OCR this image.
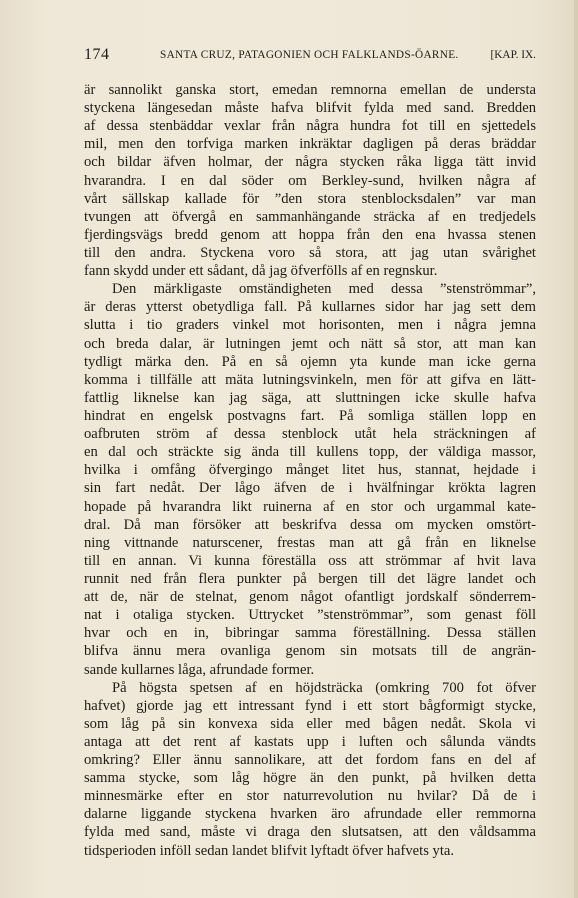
174	SANTA CRUZ, PATAGONIEN OCH FALKLANDS-ÖARNE.	[KAP. IX.
är sannolikt ganska stort, emedan remnorna emellan de understa
styckena längesedan måste hafva blifvit fylda med sand. Bredden
af dessa stenbäddar vexlar från några hundra fot till en sjettedels
mil, men den torfviga marken inkräktar dagligen på deras bräddar
och bildar äfven holmar, der några stycken råka ligga tätt invid
hvarandra. I en dal söder om Berkley-sund, hvilken några af
vårt sällskap kallade för ”den stora stenblocksdalen” var man
tvungen att öfvergå en sammanhängande sträcka af en tredjedels
fjerdingsvägs bredd genom att hoppa från den ena hvassa stenen
till den andra. Styckena voro så stora, att jag utan svårighet
fann skydd under ett sådant, då jag öfverfölls af en regnskur.
Den märkligaste omständigheten med dessa ”stenströmmar”,
är deras ytterst obetydliga fall. På kullarnes sidor har jag sett dem
slutta i tio graders vinkel mot horisonten, men i några jemna
och breda dalar, är lutningen jemt och nätt så stor, att man kan
tydligt märka den. På en så ojemn yta kunde man icke gerna
komma i tillfälle att mäta lutningsvinkeln, men för att gifva en lätt-
fattlig liknelse kan jag säga, att sluttningen icke skulle hafva
hindrat en engelsk postvagns fart. På somliga ställen lopp en
oafbruten ström af dessa stenblock utåt hela sträckningen af
en dal och sträckte sig ända till kullens topp, der väldiga massor,
hvilka i omfång öfvergingo månget litet hus, stannat, hejdade i
sin fart nedåt. Der lågo äfven de i hvälfningar krökta lagren
hopade på hvarandra likt ruinerna af en stor och urgammal kate-
dral. Då man försöker att beskrifva dessa om mycken omstört-
ning vittnande naturscener, frestas man att gå från en liknelse
till en annan. Vi kunna föreställa oss att strömmar af hvit lava
runnit ned från flera punkter på bergen till det lägre landet och
att de, när de stelnat, genom något ofantligt jordskalf sönderrem-
nat i otaliga stycken. Uttrycket ”stenströmmar”, som genast föll
hvar och en in, bibringar samma föreställning. Dessa ställen
blifva ännu mera ovanliga genom sin motsats till de angrän-
sande kullarnes låga, afrundade former.
På högsta spetsen af en höjdsträcka (omkring 700 fot öfver
hafvet) gjorde jag ett intressant fynd i ett stort bågformigt stycke,
som låg på sin konvexa sida eller med bågen nedåt. Skola vi
antaga att det rent af kastats upp i luften och sålunda vändts
omkring? Eller ännu sannolikare, att det fordom fans en del af
samma stycke, som låg högre än den punkt, på hvilken detta
minnesmärke efter en stor naturrevolution nu hvilar? Då de i
dalarne liggande styckena hvarken äro afrundade eller remmorna
fylda med sand, måste vi draga den slutsatsen, att den våldsamma
tidsperioden inföll sedan landet blifvit lyftadt öfver hafvets yta.
